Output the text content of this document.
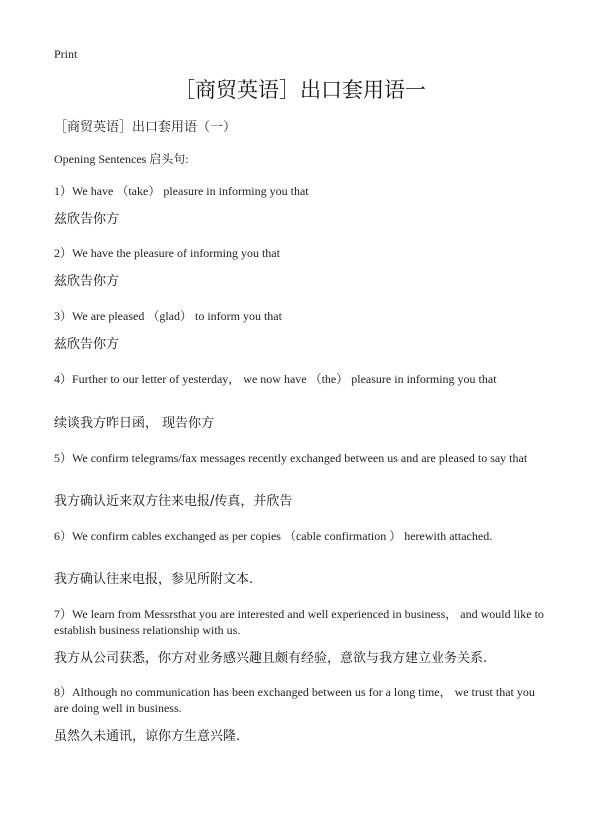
Print
［商贸英语］出口套用语一
［商贸英语］出口套用语（一）
Opening Sentences 启头句:

1）We have （take） pleasure in informing you that

兹欣告你方

2）We have the pleasure of informing you that

兹欣告你方

3）We are pleased （glad） to inform you that

兹欣告你方

4）Further to our letter of yesterday， we now have （the） pleasure in informing you that

续谈我方昨日函， 现告你方

5）We confirm telegrams/fax messages recently exchanged between us and are pleased to say that

我方确认近来双方往来电报/传真，并欣告

6）We confirm cables exchanged as per copies （cable confirmation ） herewith attached.

我方确认往来电报，参见所附文本.

7）We learn from Messrsthat you are interested and well experienced in business， and would like to establish business relationship with us.

我方从公司获悉，你方对业务感兴趣且颇有经验，意欲与我方建立业务关系.

8）Although no communication has been exchanged between us for a long time， we trust that you are doing well in business.

虽然久未通讯，谅你方生意兴隆.
